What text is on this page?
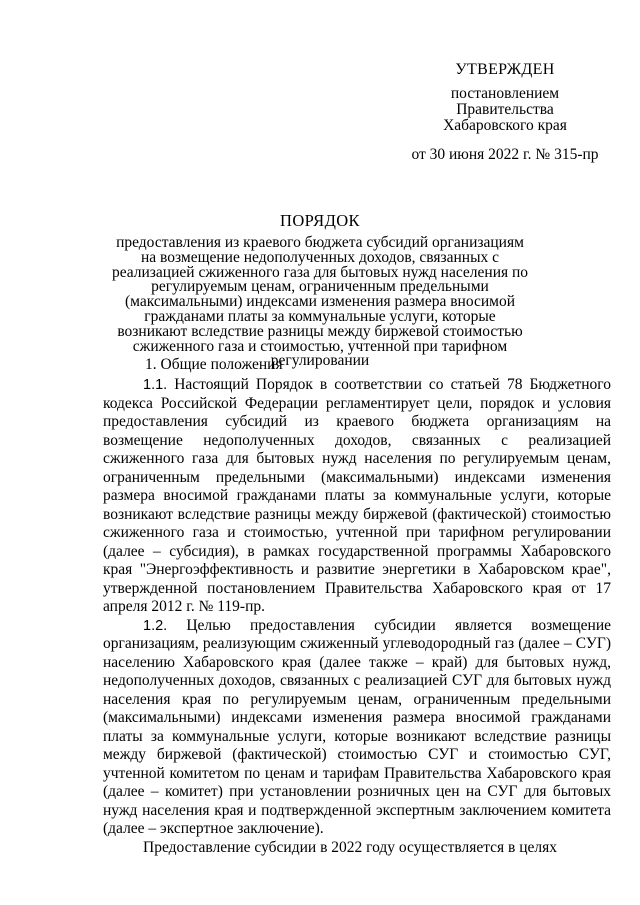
УТВЕРЖДЕН
постановлением
Правительства
Хабаровского края
от 30 июня 2022 г. № 315-пр
ПОРЯДОК
предоставления из краевого бюджета субсидий организациям на возмещение недополученных доходов, связанных с реализацией сжиженного газа для бытовых нужд населения по регулируемым ценам, ограниченным предельными (максимальными) индексами изменения размера вносимой гражданами платы за коммунальные услуги, которые возникают вследствие разницы между биржевой стоимостью сжиженного газа и стоимостью, учтенной при тарифном регулировании
1. Общие положения

1.1. Настоящий Порядок в соответствии со статьей 78 Бюджетного кодекса Российской Федерации регламентирует цели, порядок и условия предоставления субсидий из краевого бюджета организациям на возмещение недополученных доходов, связанных с реализацией сжиженного газа для бытовых нужд населения по регулируемым ценам, ограниченным предельными (максимальными) индексами изменения размера вносимой гражданами платы за коммунальные услуги, которые возникают вследствие разницы между биржевой (фактической) стоимостью сжиженного газа и стоимостью, учтенной при тарифном регулировании (далее – субсидия), в рамках государственной программы Хабаровского края "Энергоэффективность и развитие энергетики в Хабаровском крае", утвержденной постановлением Правительства Хабаровского края от 17 апреля 2012 г. № 119-пр.

1.2. Целью предоставления субсидии является возмещение организациям, реализующим сжиженный углеводородный газ (далее – СУГ) населению Хабаровского края (далее также – край) для бытовых нужд, недополученных доходов, связанных с реализацией СУГ для бытовых нужд населения края по регулируемым ценам, ограниченным предельными (максимальными) индексами изменения размера вносимой гражданами платы за коммунальные услуги, которые возникают вследствие разницы между биржевой (фактической) стоимостью СУГ и стоимостью СУГ, учтенной комитетом по ценам и тарифам Правительства Хабаровского края (далее – комитет) при установлении розничных цен на СУГ для бытовых нужд населения края и подтвержденной экспертным заключением комитета (далее – экспертное заключение).

Предоставление субсидии в 2022 году осуществляется в целях
